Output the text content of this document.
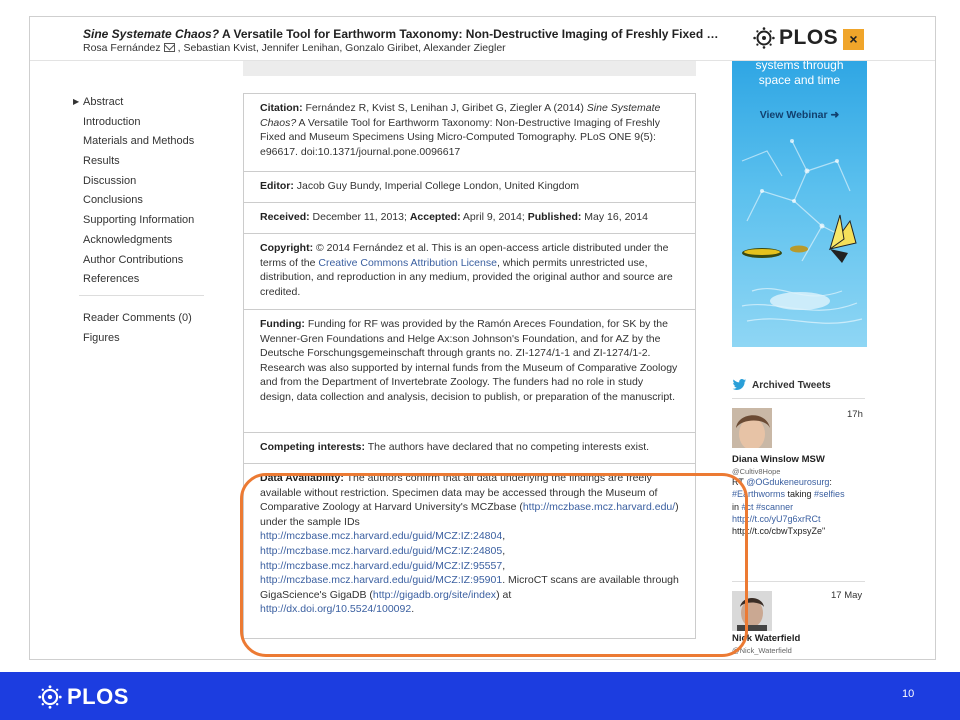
Sine Systemate Chaos? A Versatile Tool for Earthworm Taxonomy: Non-Destructive Imaging of Freshly Fixed …
Rosa Fernández , Sebastian Kvist, Jennifer Lenihan, Gonzalo Giribet, Alexander Ziegler	PLOS ×
▶ Abstract
Introduction
Materials and Methods
Results
Discussion
Conclusions
Supporting Information
Acknowledgments
Author Contributions
References
Reader Comments (0)
Figures
Citation: Fernández R, Kvist S, Lenihan J, Giribet G, Ziegler A (2014) Sine Systemate Chaos? A Versatile Tool for Earthworm Taxonomy: Non-Destructive Imaging of Freshly Fixed and Museum Specimens Using Micro-Computed Tomography. PLoS ONE 9(5): e96617. doi:10.1371/journal.pone.0096617
Editor: Jacob Guy Bundy, Imperial College London, United Kingdom
Received: December 11, 2013; Accepted: April 9, 2014; Published: May 16, 2014
Copyright: © 2014 Fernández et al. This is an open-access article distributed under the terms of the Creative Commons Attribution License, which permits unrestricted use, distribution, and reproduction in any medium, provided the original author and source are credited.
Funding: Funding for RF was provided by the Ramón Areces Foundation, for SK by the Wenner-Gren Foundations and Helge Ax:son Johnson's Foundation, and for AZ by the Deutsche Forschungsgemeinschaft through grants no. ZI-1274/1-1 and ZI-1274/1-2. Research was also supported by internal funds from the Museum of Comparative Zoology and from the Department of Invertebrate Zoology. The funders had no role in study design, data collection and analysis, decision to publish, or preparation of the manuscript.
Competing interests: The authors have declared that no competing interests exist.
Data Availability: The authors confirm that all data underlying the findings are freely available without restriction. Specimen data may be accessed through the Museum of Comparative Zoology at Harvard University's MCZbase (http://mczbase.mcz.harvard.edu/) under the sample IDs
http://mczbase.mcz.harvard.edu/guid/MCZ:IZ:24804,
http://mczbase.mcz.harvard.edu/guid/MCZ:IZ:24805,
http://mczbase.mcz.harvard.edu/guid/MCZ:IZ:95557,
http://mczbase.mcz.harvard.edu/guid/MCZ:IZ:95901. MicroCT scans are available through GigaScience's GigaDB (http://gigadb.org/site/index) at
http://dx.doi.org/10.5524/100092.
systems through
space and time
View Webinar ➜
Archived Tweets
17h
Diana Winslow MSW
@Cultiv8Hope
RT @OGdukeneurosurg:
#Earthworms taking #selfies
in #ct #scanner
http://t.co/yU7g6xrRCt
http://t.co/cbwTxpsyZe"
17 May
Nick Waterfield
@Nick_Waterfield
PLOS	10
